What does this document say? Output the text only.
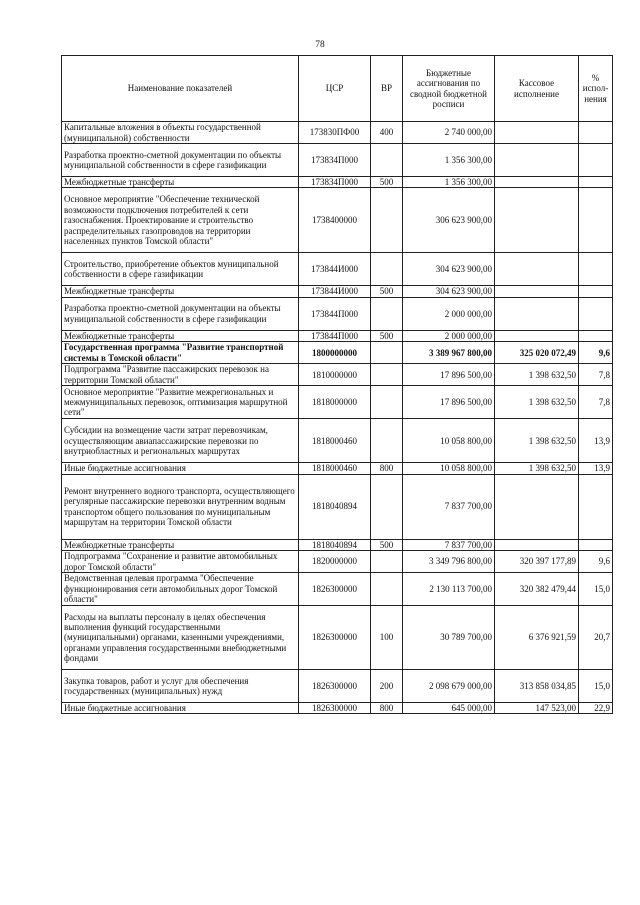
78
Наименование показателей	ЦСР	ВР	Бюджетные ассигнования по сводной бюджетной росписи	Кассовое исполнение	% испол-нения
Капитальные вложения в объекты государственной (муниципальной) собственности	173830ПФ00	400	2 740 000,00		
Разработка проектно-сметной документации по объекты муниципальной собственности в сфере газификации	173834П000		1 356 300,00		
Межбюджетные трансферты	173834П000	500	1 356 300,00		
Основное мероприятие "Обеспечение технической возможности подключения потребителей к сети газоснабжения. Проектирование и строительство распределительных газопроводов на территории населенных пунктов Томской области"	1738400000		306 623 900,00		
Строительство, приобретение объектов муниципальной собственности в сфере газификации	173844И000		304 623 900,00		
Межбюджетные трансферты	173844И000	500	304 623 900,00		
Разработка проектно-сметной документации на объекты муниципальной собственности в сфере газификации	173844П000		2 000 000,00		
Межбюджетные трансферты	173844П000	500	2 000 000,00		
Государственная программа "Развитие транспортной системы в Томской области"	1800000000		3 389 967 800,00	325 020 072,49	9,6
Подпрограмма "Развитие пассажирских перевозок на территории Томской области"	1810000000		17 896 500,00	1 398 632,50	7,8
Основное мероприятие "Развитие межрегиональных и межмуниципальных перевозок, оптимизация маршрутной сети"	1818000000		17 896 500,00	1 398 632,50	7,8
Субсидии на возмещение части затрат перевозчикам, осуществляющим авиапассажирские перевозки по внутриобластных и региональных маршрутах	1818000460		10 058 800,00	1 398 632,50	13,9
Иные бюджетные ассигнования	1818000460	800	10 058 800,00	1 398 632,50	13,9
Ремонт внутреннего водного транспорта, осуществляющего регулярные пассажирские перевозки внутренним водным транспортом общего пользования по муниципальным маршрутам на территории Томской области	1818040894		7 837 700,00		
Межбюджетные трансферты	1818040894	500	7 837 700,00		
Подпрограмма "Сохранение и развитие автомобильных дорог Томской области"	1820000000		3 349 796 800,00	320 397 177,89	9,6
Ведомственная целевая программа "Обеспечение функционирования сети автомобильных дорог Томской области"	1826300000		2 130 113 700,00	320 382 479,44	15,0
Расходы на выплаты персоналу в целях обеспечения выполнения функций государственными (муниципальными) органами, казенными учреждениями, органами управления государственными внебюджетными фондами	1826300000	100	30 789 700,00	6 376 921,59	20,7
Закупка товаров, работ и услуг для обеспечения государственных (муниципальных) нужд	1826300000	200	2 098 679 000,00	313 858 034,85	15,0
Иные бюджетные ассигнования	1826300000	800	645 000,00	147 523,00	22,9
